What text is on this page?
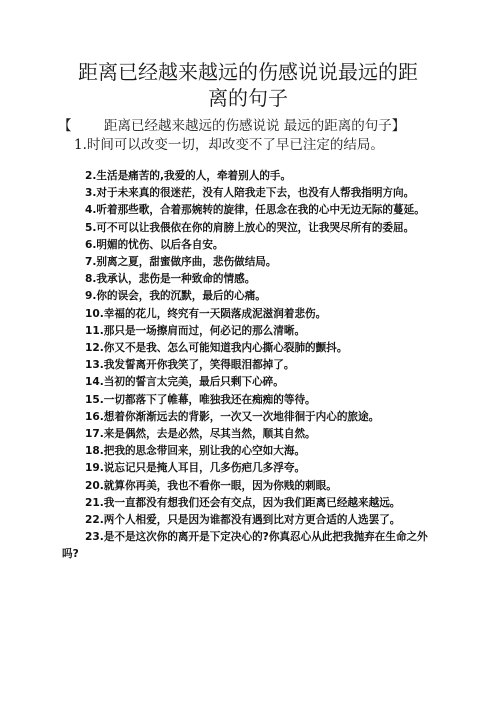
距离已经越来越远的伤感说说最远的距
离的句子
【 距离已经越来越远的伤感说说 最远的距离的句子】
1.时间可以改变一切，却改变不了早已注定的结局。
2.生活是痛苦的,我爱的人，牵着别人的手。
3.对于未来真的很迷茫，没有人陪我走下去，也没有人帮我指明方向。
4.听着那些歌，合着那婉转的旋律，任思念在我的心中无边无际的蔓延。
5.可不可以让我偎依在你的肩膀上放心的哭泣，让我哭尽所有的委屈。
6.明媚的忧伤、以后各自安。
7.别离之夏，甜蜜做序曲，悲伤做结局。
8.我承认，悲伤是一种致命的情感。
9.你的误会，我的沉默，最后的心痛。
10.幸福的花儿，终究有一天陨落成泥滋润着悲伤。
11.那只是一场擦肩而过，何必记的那么清晰。
12.你又不是我、怎么可能知道我内心撕心裂肺的颤抖。
13.我发誓离开你我笑了，笑得眼泪都掉了。
14.当初的誓言太完美，最后只剩下心碎。
15.一切都落下了帷幕，唯独我还在痴痴的等待。
16.想着你渐渐远去的背影，一次又一次地徘徊于内心的旅途。
17.来是偶然，去是必然，尽其当然，顺其自然。
18.把我的思念带回来，别让我的心空如大海。
19.说忘记只是掩人耳目，几多伤疤几多浮夸。
20.就算你再美，我也不看你一眼，因为你贱的刺眼。
21.我一直都没有想我们还会有交点，因为我们距离已经越来越远。
22.两个人相爱，只是因为谁都没有遇到比对方更合适的人选罢了。
23.是不是这次你的离开是下定决心的?你真忍心从此把我抛弃在生命之外吗?
